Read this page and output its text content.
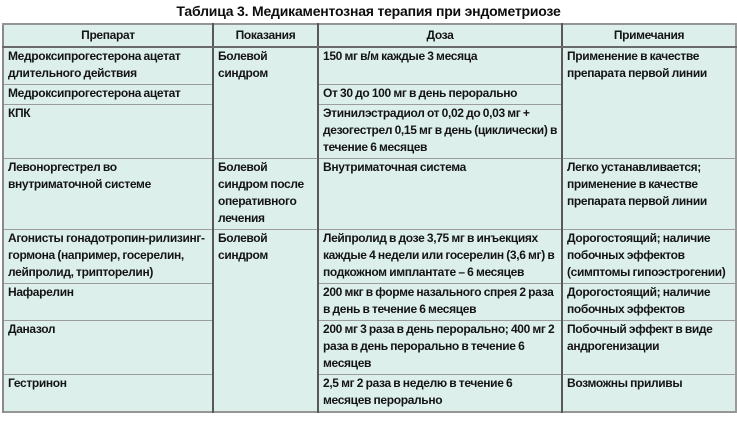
Таблица 3. Медикаментозная терапия при эндометриозе
Препарат	Показания	Доза	Примечания
Медроксипрогестерона ацетат длительного действия	Болевой синдром	150 мг в/м каждые 3 месяца	Применение в качестве препарата первой линии
Медроксипрогестерона ацетат		От 30 до 100 мг в день перорально	
КПК		Этинилэстрадиол от 0,02 до 0,03 мг + дезогестрел 0,15 мг в день (циклически) в течение 6 месяцев	
Левоноргестрел во внутриматочной системе	Болевой синдром после оперативного лечения	Внутриматочная система	Легко устанавливается; применение в качестве препарата первой линии
Агонисты гонадотропин-рилизинг-гормона (например, госерелин, лейпролид, трипторелин)	Болевой синдром	Лейпролид в дозе 3,75 мг в инъекциях каждые 4 недели или госерелин (3,6 мг) в подкожном имплантате – 6 месяцев	Дорогостоящий; наличие побочных эффектов (симптомы гипоэстрогении)
Нафарелин		200 мкг в форме назального спрея 2 раза в день в течение 6 месяцев	Дорогостоящий; наличие побочных эффектов
Даназол		200 мг 3 раза в день перорально; 400 мг 2 раза в день перорально в течение 6 месяцев	Побочный эффект в виде андрогенизации
Гестринон		2,5 мг 2 раза в неделю в течение 6 месяцев перорально	Возможны приливы
